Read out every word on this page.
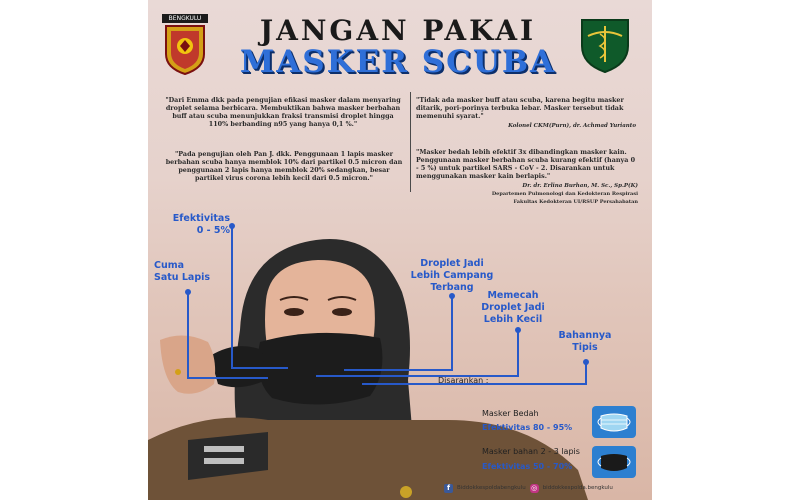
BENGKULU	JANGAN PAKAI
MASKER SCUBA
"Dari Emma dkk pada pengujian efikasi masker dalam menyaring droplet selama berbicara. Membuktikan bahwa masker berbahan buff atau scuba menunjukkan fraksi transmisi droplet hingga 110% berbanding n95 yang hanya 0,1 %."
"Pada pengujian oleh Pan J. dkk. Penggunaan 1 lapis masker berbahan scuba hanya memblok 10% dari partikel 0.5 micron dan penggunaan 2 lapis hanya memblok 20% sedangkan, besar partikel virus corona lebih kecil dari 0.5 micron."
"Tidak ada masker buff atau scuba, karena begitu masker ditarik, pori-porinya terbuka lebar. Masker tersebut tidak memenuhi syarat."
Kolonel CKM(Purn), dr. Achmad Yurianto
"Masker bedah lebih efektif 3x dibandingkan masker kain. Penggunaan masker berbahan scuba kurang efektif (hanya 0 - 5 %) untuk partikel SARS - CoV - 2. Disarankan untuk menggunakan masker kain berlapis."
Dr. dr. Erlina Burhan, M. Sc., Sp.P(K)
Departemen Pulmonologi dan Kedokteran Respirasi
Fakultas Kedokteran UI/RSUP Persahabatan
Efektivitas
0 - 5%
Cuma
Satu Lapis
Droplet Jadi
Lebih Campang
Terbang
Memecah
Droplet Jadi
Lebih Kecil
Bahannya
Tipis
Disarankan :
Masker Bedah
Efektivitas 80 - 95%
Masker bahan 2 - 3 lapis
Efektivitas 50 - 70%
f	Biddokkespoldabengkulu ◎ biddokkespolda.bengkulu
